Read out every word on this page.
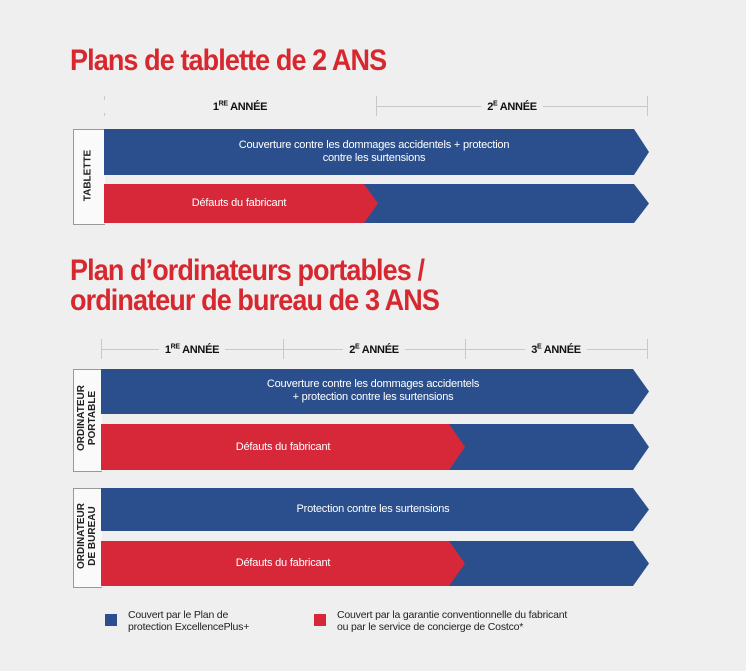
Plans de tablette de 2 ANS
1RE ANNÉE	$2^E$ ANNÉE
TABLETTE
Couverture contre les dommages accidentels + protection
contre les surtensions
Défauts du fabricant
Plan d’ordinateurs portables /
ordinateur de bureau de 3 ANS
1RE ANNÉE	$2^E$ ANNÉE	$3^E$ ANNÉE
ORDINATEUR PORTABLE
Couverture contre les dommages accidentels
+ protection contre les surtensions
Défauts du fabricant
ORDINATEUR DE BUREAU	Protection contre les surtensions
Défauts du fabricant
Couvert par le Plan de
protection ExcellencePlus+
Couvert par la garantie conventionnelle du fabricant
ou par le service de concierge de Costco*
